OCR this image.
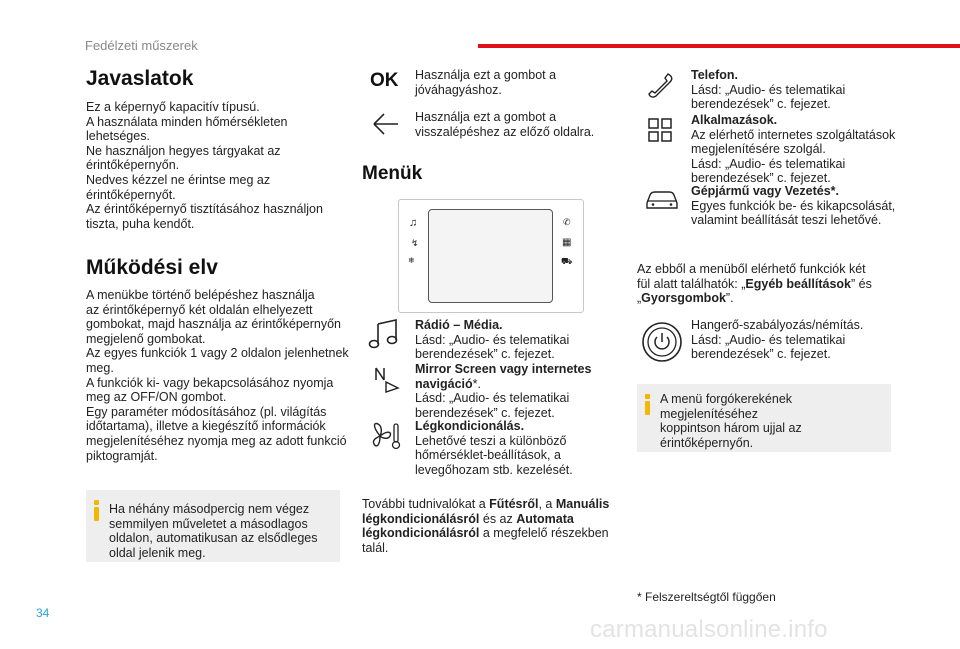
Fedélzeti műszerek
Javaslatok

Ez a képernyő kapacitív típusú.

A használata minden hőmérsékleten

lehetséges.

Ne használjon hegyes tárgyakat az

érintőképernyőn.

Nedves kézzel ne érintse meg az

érintőképernyőt.

Az érintőképernyő tisztításához használjon

tiszta, puha kendőt.

Működési elv

A menükbe történő belépéshez használja

az érintőképernyő két oldalán elhelyezett

gombokat, majd használja az érintőképernyőn

megjelenő gombokat.

Az egyes funkciók 1 vagy 2 oldalon jelenhetnek

meg.

A funkciók ki- vagy bekapcsolásához nyomja

meg az OFF/ON gombot.

Egy paraméter módosításához (pl. világítás

időtartama), illetve a kiegészítő információk

megjelenítéséhez nyomja meg az adott funkció

piktogramját.

Ha néhány másodpercig nem végez
semmilyen műveletet a másodlagos
oldalon, automatikusan az elsődleges
oldal jelenik meg.
OK	Használja ezt a gombot a

jóváhagyáshoz.

Használja ezt a gombot a

visszalépéshez az előző oldalra.

Menük
♫
↯
❄
✆
▦
⛟

Rádió – Média.

Lásd: „Audio- és telematikai

berendezések” c. fejezet.

Mirror Screen vagy internetes

navigáció*.

Lásd: „Audio- és telematikai

berendezések” c. fejezet.

Légkondicionálás.

Lehetővé teszi a különböző

hőmérséklet-beállítások, a

levegőhozam stb. kezelését.

További tudnivalókat a Fűtésről, a Manuális

légkondicionálásról és az Automata

légkondicionálásról a megfelelő részekben

talál.

Telefon.

Lásd: „Audio- és telematikai

berendezések” c. fejezet.

Alkalmazások.

Az elérhető internetes szolgáltatások

megjelenítésére szolgál.

Lásd: „Audio- és telematikai

berendezések” c. fejezet.

Gépjármű vagy Vezetés*.

Egyes funkciók be- és kikapcsolását,

valamint beállítását teszi lehetővé.

Az ebből a menüből elérhető funkciók két

fül alatt találhatók: „Egyéb beállítások” és

„Gyorsgombok”.

Hangerő-szabályozás/némítás.

Lásd: „Audio- és telematikai

berendezések” c. fejezet.

A menü forgókerekének megjelenítéséhez
koppintson három ujjal az
érintőképernyőn.
* Felszereltségtől függően
34
carmanualsonline.info
